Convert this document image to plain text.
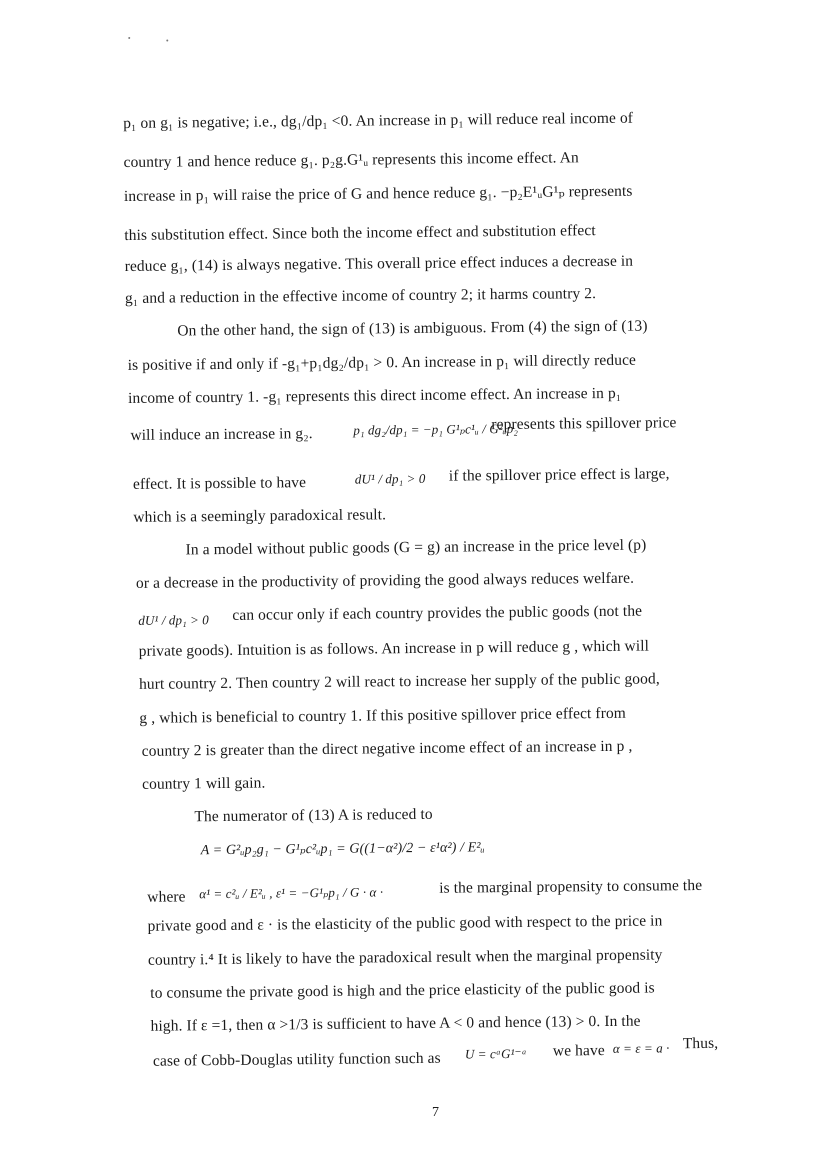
p₁ on g₁ is negative; i.e., dg₁/dp₁ <0. An increase in p₁ will reduce real income of
country 1 and hence reduce g₁. p₂g.G¹ᵤ represents this income effect. An
increase in p₁ will raise the price of G and hence reduce g₁. −p₂E¹ᵤG¹ₚ represents
this substitution effect. Since both the income effect and substitution effect
reduce g₁, (14) is always negative. This overall price effect induces a decrease in
g₁ and a reduction in the effective income of country 2; it harms country 2.
On the other hand, the sign of (13) is ambiguous. From (4) the sign of (13)
is positive if and only if -g₁+p₁dg₂/dp₁ > 0. An increase in p₁ will directly reduce
income of country 1. -g₁ represents this direct income effect. An increase in p₁
will induce an increase in g₂.	p₁ dg₂/dp₁ = −p₁ G¹ₚc¹ᵤ / G²ᵤp₂
represents this spillover price
effect. It is possible to have	dU¹ / dp₁ > 0 if the spillover price effect is large,
which is a seemingly paradoxical result.
In a model without public goods (G = g) an increase in the price level (p)
or a decrease in the productivity of providing the good always reduces welfare.
dU¹ / dp₁ > 0 can occur only if each country provides the public goods (not the
private goods). Intuition is as follows. An increase in p will reduce g , which will
hurt country 2. Then country 2 will react to increase her supply of the public good,
g , which is beneficial to country 1. If this positive spillover price effect from
country 2 is greater than the direct negative income effect of an increase in p ,
country 1 will gain.
The numerator of (13) A is reduced to
A = G²ᵤp₂g₁ − G¹ₚc²ᵤp₁ = G((1−α²)/2 − ε¹α²) / E²ᵤ
where α¹ = c²ᵤ / E²ᵤ , ε¹ = −G¹ₚp₁ / G · α ·	is the marginal propensity to consume the
private good and ε · is the elasticity of the public good with respect to the price in
country i.⁴ It is likely to have the paradoxical result when the marginal propensity
to consume the private good is high and the price elasticity of the public good is
high. If ε =1, then α >1/3 is sufficient to have A < 0 and hence (13) > 0. In the
case of Cobb-Douglas utility function such as U = cᵃG¹⁻ᵃ we have α = ε = a · Thus,
7
